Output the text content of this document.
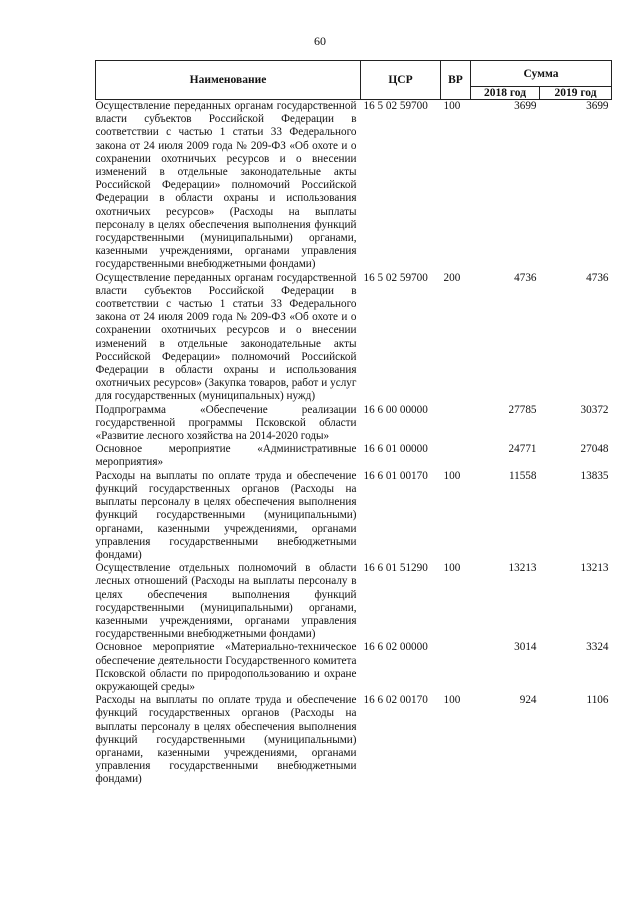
60
Наименование	ЦСР	ВР	Сумма	
			2018 год	2019 год
Осуществление переданных органам государственной власти субъектов Российской Федерации в соответствии с частью 1 статьи 33 Федерального закона от 24 июля 2009 года № 209-ФЗ «Об охоте и о сохранении охотничьих ресурсов и о внесении изменений в отдельные законодательные акты Российской Федерации» полномочий Российской Федерации в области охраны и использования охотничьих ресурсов» (Расходы на выплаты персоналу в целях обеспечения выполнения функций государственными (муниципальными) органами, казенными учреждениями, органами управления государственными внебюджетными фондами)	16 5 02 59700	100	3699	3699
Осуществление переданных органам государственной власти субъектов Российской Федерации в соответствии с частью 1 статьи 33 Федерального закона от 24 июля 2009 года № 209-ФЗ «Об охоте и о сохранении охотничьих ресурсов и о внесении изменений в отдельные законодательные акты Российской Федерации» полномочий Российской Федерации в области охраны и использования охотничьих ресурсов» (Закупка товаров, работ и услуг для государственных (муниципальных) нужд)	16 5 02 59700	200	4736	4736
Подпрограмма «Обеспечение реализации государственной программы Псковской области «Развитие лесного хозяйства на 2014-2020 годы»	16 6 00 00000		27785	30372
Основное мероприятие «Административные мероприятия»	16 6 01 00000		24771	27048
Расходы на выплаты по оплате труда и обеспечение функций государственных органов (Расходы на выплаты персоналу в целях обеспечения выполнения функций государственными (муниципальными) органами, казенными учреждениями, органами управления государственными внебюджетными фондами)	16 6 01 00170	100	11558	13835
Осуществление отдельных полномочий в области лесных отношений (Расходы на выплаты персоналу в целях обеспечения выполнения функций государственными (муниципальными) органами, казенными учреждениями, органами управления государственными внебюджетными фондами)	16 6 01 51290	100	13213	13213
Основное мероприятие «Материально-техническое обеспечение деятельности Государственного комитета Псковской области по природопользованию и охране окружающей среды»	16 6 02 00000		3014	3324
Расходы на выплаты по оплате труда и обеспечение функций государственных органов (Расходы на выплаты персоналу в целях обеспечения выполнения функций государственными (муниципальными) органами, казенными учреждениями, органами управления государственными внебюджетными фондами)	16 6 02 00170	100	924	1106
